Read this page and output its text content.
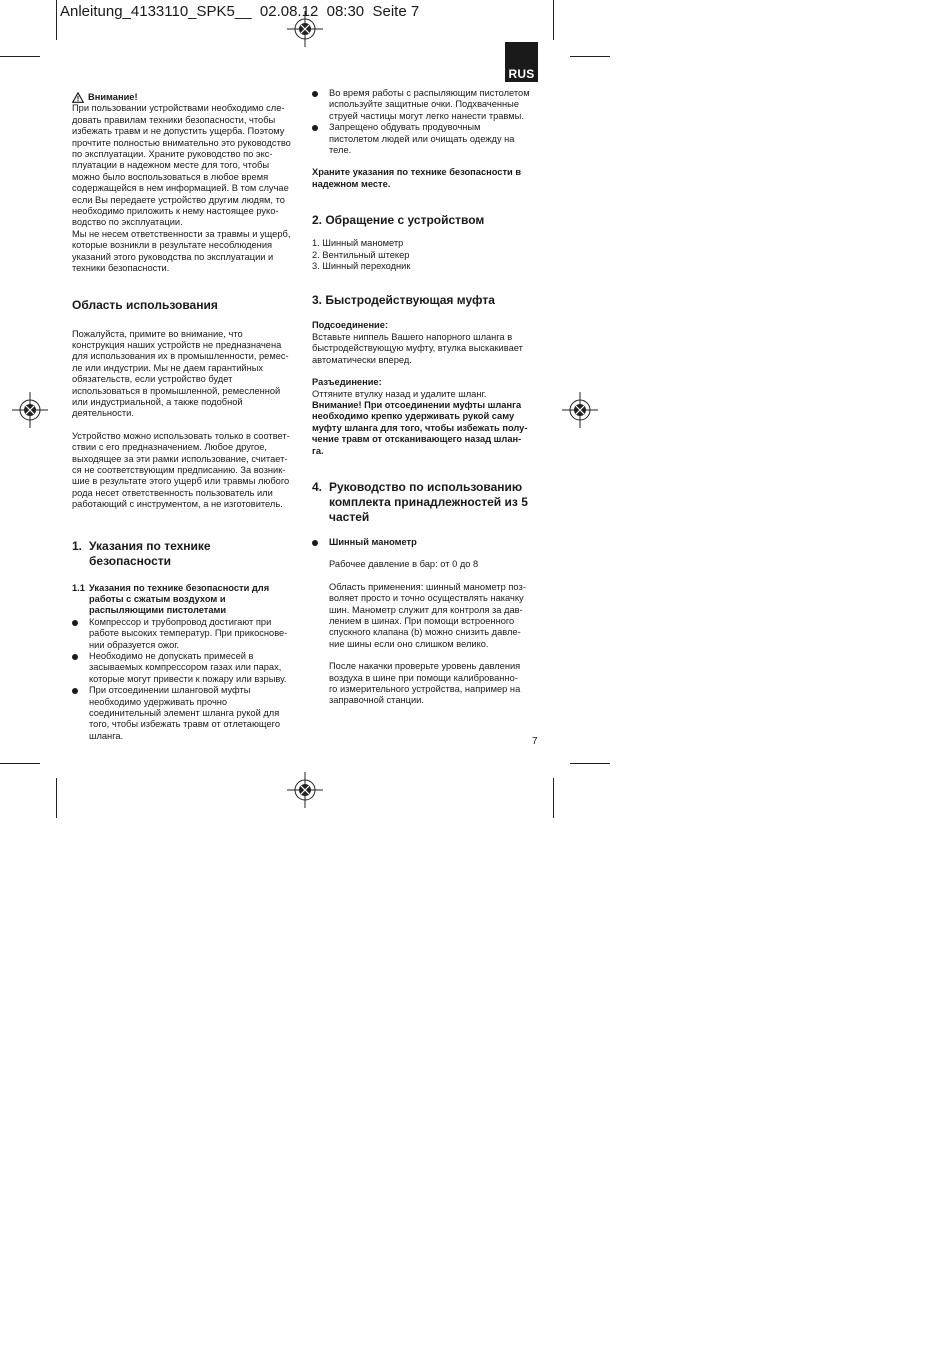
Anleitung_4133110_SPK5__  02.08.12  08:30  Seite 7
RUS
Внимание!
При пользовании устройствами необходимо сле-
довать правилам техники безопасности, чтобы
избежать травм и не допустить ущерба. Поэтому
прочтите полностью внимательно это руководство
по эксплуатации. Храните руководство по экс-
плуатации в надежном месте для того, чтобы
можно было воспользоваться в любое время
содержащейся в нем информацией. В том случае
если Вы передаете устройство другим людям, то
необходимо приложить к нему настоящее руко-
водство по эксплуатации.
Мы не несем ответственности за травмы и ущерб,
которые возникли в результате несоблюдения
указаний этого руководства по эксплуатации и
техники безопасности.
Область использования
Пожалуйста, примите во внимание, что
конструкция наших устройств не предназначена
для использования их в промышленности, ремес-
ле или индустрии. Мы не даем гарантийных
обязательств, если устройство будет
использоваться в промышленной, ремесленной
или индустриальной, а также подобной
деятельности.
Устройство можно использовать только в соответ-
ствии с его предназначением. Любое другое,
выходящее за эти рамки использование, считает-
ся не соответствующим предписанию. За возник-
шие в результате этого ущерб или травмы любого
рода несет ответственность пользователь или
работающий с инструментом, а не изготовитель.
1. Указания по технике
безопасности
1.1 Указания по технике безопасности для
работы с сжатым воздухом и
распыляющими пистолетами
Компрессор и трубопровод достигают при
работе высоких температур. При прикоснове-
нии образуется ожог.
Необходимо не допускать примесей в
засываемых компрессором газах или парах,
которые могут привести к пожару или взрыву.
При отсоединении шланговой муфты
необходимо удерживать прочно
соединительный элемент шланга рукой для
того, чтобы избежать травм от отлетающего
шланга.
Во время работы с распыляющим пистолетом
используйте защитные очки. Подхваченные
струей частицы могут легко нанести травмы.
Запрещено обдувать продувочным
пистолетом людей или очищать одежду на
теле.
Храните указания по технике безопасности в
надежном месте.
2. Обращение с устройством
1. Шинный манометр
2. Вентильный штекер
3. Шинный переходник
3. Быстродействующая муфта
Подсоединение:
Вставьте ниппель Вашего напорного шланга в
быстродействующую муфту, втулка выскакивает
автоматически вперед.
Разъединение:
Оттяните втулку назад и удалите шланг.
Внимание! При отсоединении муфты шланга
необходимо крепко удерживать рукой саму
муфту шланга для того, чтобы избежать полу-
чение травм от отсканивающего назад шлан-
га.
4. Руководство по использованию
комплекта принадлежностей из 5
частей
Шинный манометр
Рабочее давление в бар: от 0 до 8
Область применения: шинный манометр поз-
воляет просто и точно осуществлять накачку
шин. Манометр служит для контроля за дав-
лением в шинах. При помощи встроенного
спускного клапана (b) можно снизить давле-
ние шины если оно слишком велико.
После накачки проверьте уровень давления
воздуха в шине при помощи калиброванно-
го измерительного устройства, например на
заправочной станции.
7
